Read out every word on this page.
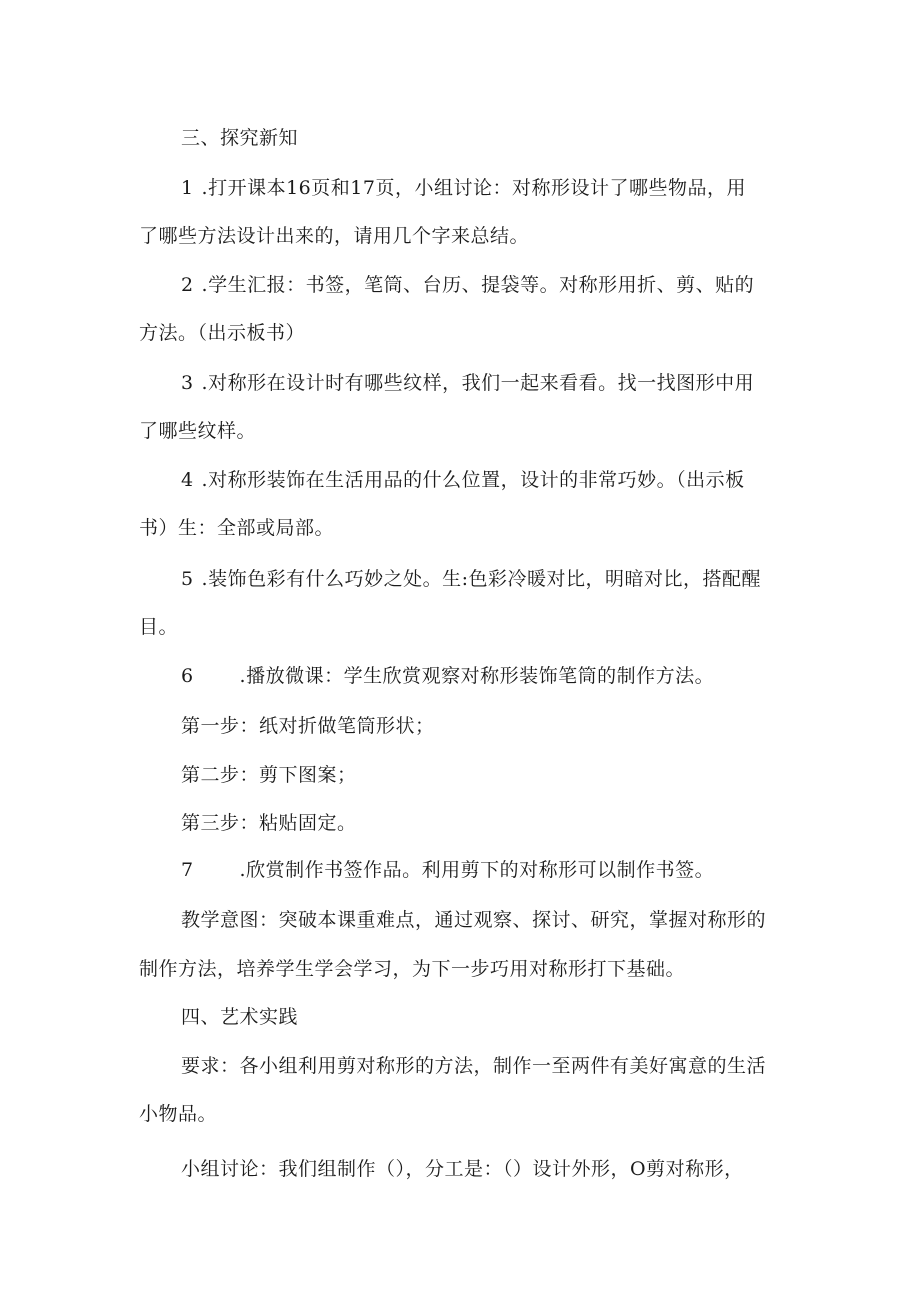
三、探究新知
1 .打开课本16页和17页，小组讨论：对称形设计了哪些物品，用
了哪些方法设计出来的，请用几个字来总结。
2 .学生汇报：书签，笔筒、台历、提袋等。对称形用折、剪、贴的
方法。（出示板书）
3 .对称形在设计时有哪些纹样，我们一起来看看。找一找图形中用
了哪些纹样。
4 .对称形装饰在生活用品的什么位置，设计的非常巧妙。（出示板
书）生：全部或局部。
5 .装饰色彩有什么巧妙之处。生:色彩冷暖对比，明暗对比，搭配醒
目。
6 .播放微课：学生欣赏观察对称形装饰笔筒的制作方法。
第一步：纸对折做笔筒形状；
第二步：剪下图案；
第三步：粘贴固定。
7 .欣赏制作书签作品。利用剪下的对称形可以制作书签。
教学意图：突破本课重难点，通过观察、探讨、研究，掌握对称形的
制作方法，培养学生学会学习，为下一步巧用对称形打下基础。
四、艺术实践
要求：各小组利用剪对称形的方法，制作一至两件有美好寓意的生活
小物品。
小组讨论：我们组制作（），分工是：（）设计外形，O剪对称形，
